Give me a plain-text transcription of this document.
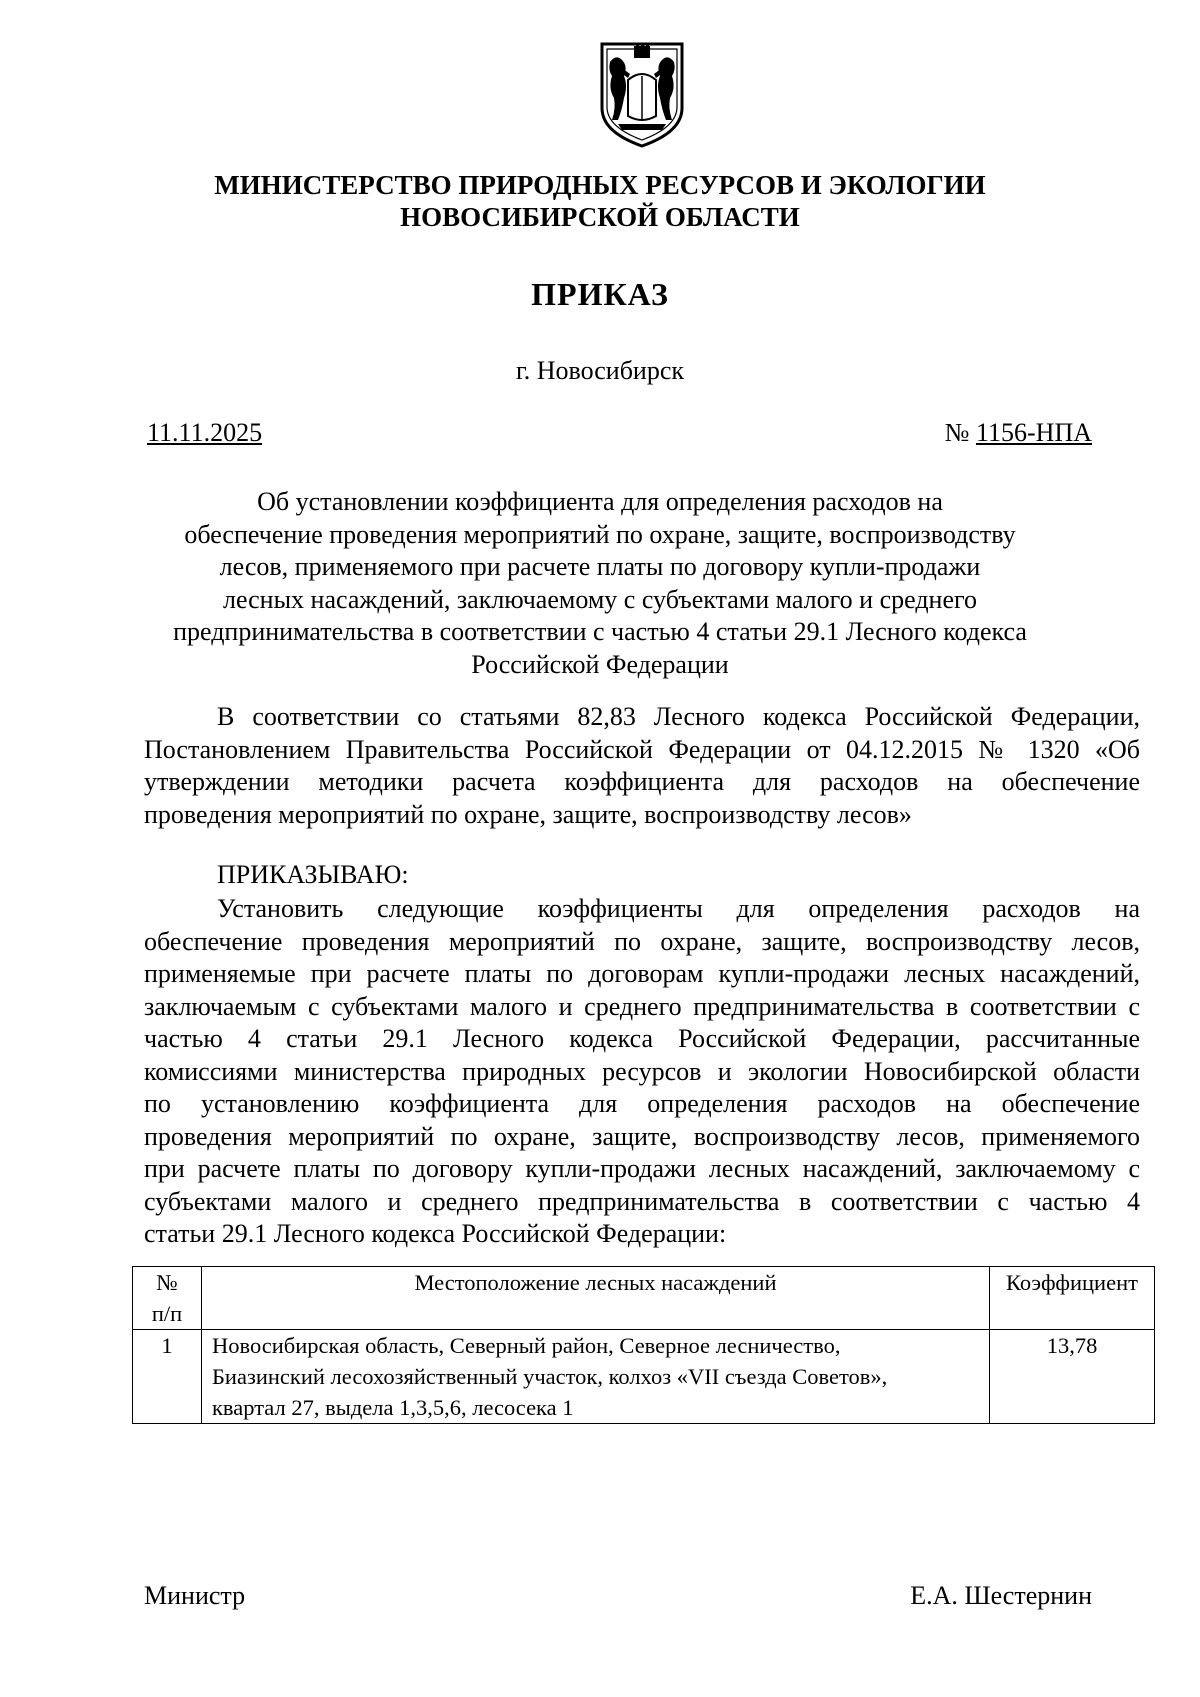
МИНИСТЕРСТВО ПРИРОДНЫХ РЕСУРСОВ И ЭКОЛОГИИ
НОВОСИБИРСКОЙ ОБЛАСТИ
ПРИКАЗ
г. Новосибирск
11.11.2025	№ 1156-НПА
Об установлении коэффициента для определения расходов на
обеспечение проведения мероприятий по охране, защите, воспроизводству
лесов, применяемого при расчете платы по договору купли-продажи
лесных насаждений, заключаемому с субъектами малого и среднего
предпринимательства в соответствии с частью 4 статьи 29.1 Лесного кодекса
Российской Федерации
В соответствии со статьями 82,83 Лесного кодекса Российской Федерации,
Постановлением Правительства Российской Федерации от 04.12.2015 № 1320 «Об
утверждении методики расчета коэффициента для расходов на обеспечение
проведения мероприятий по охране, защите, воспроизводству лесов»
ПРИКАЗЫВАЮ:
Установить следующие коэффициенты для определения расходов на
обеспечение проведения мероприятий по охране, защите, воспроизводству лесов,
применяемые при расчете платы по договорам купли-продажи лесных насаждений,
заключаемым с субъектами малого и среднего предпринимательства в соответствии с
частью 4 статьи 29.1 Лесного кодекса Российской Федерации, рассчитанные
комиссиями министерства природных ресурсов и экологии Новосибирской области
по установлению коэффициента для определения расходов на обеспечение
проведения мероприятий по охране, защите, воспроизводству лесов, применяемого
при расчете платы по договору купли-продажи лесных насаждений, заключаемому с
субъектами малого и среднего предпринимательства в соответствии с частью 4
статьи 29.1 Лесного кодекса Российской Федерации:
№
п/п	Местоположение лесных насаждений	Коэффициент
1	Новосибирская область, Северный район, Северное лесничество,
Биазинский лесохозяйственный участок, колхоз «VII съезда Советов»,
квартал 27, выдела 1,3,5,6, лесосека 1	13,78
Министр	Е.А. Шестернин
